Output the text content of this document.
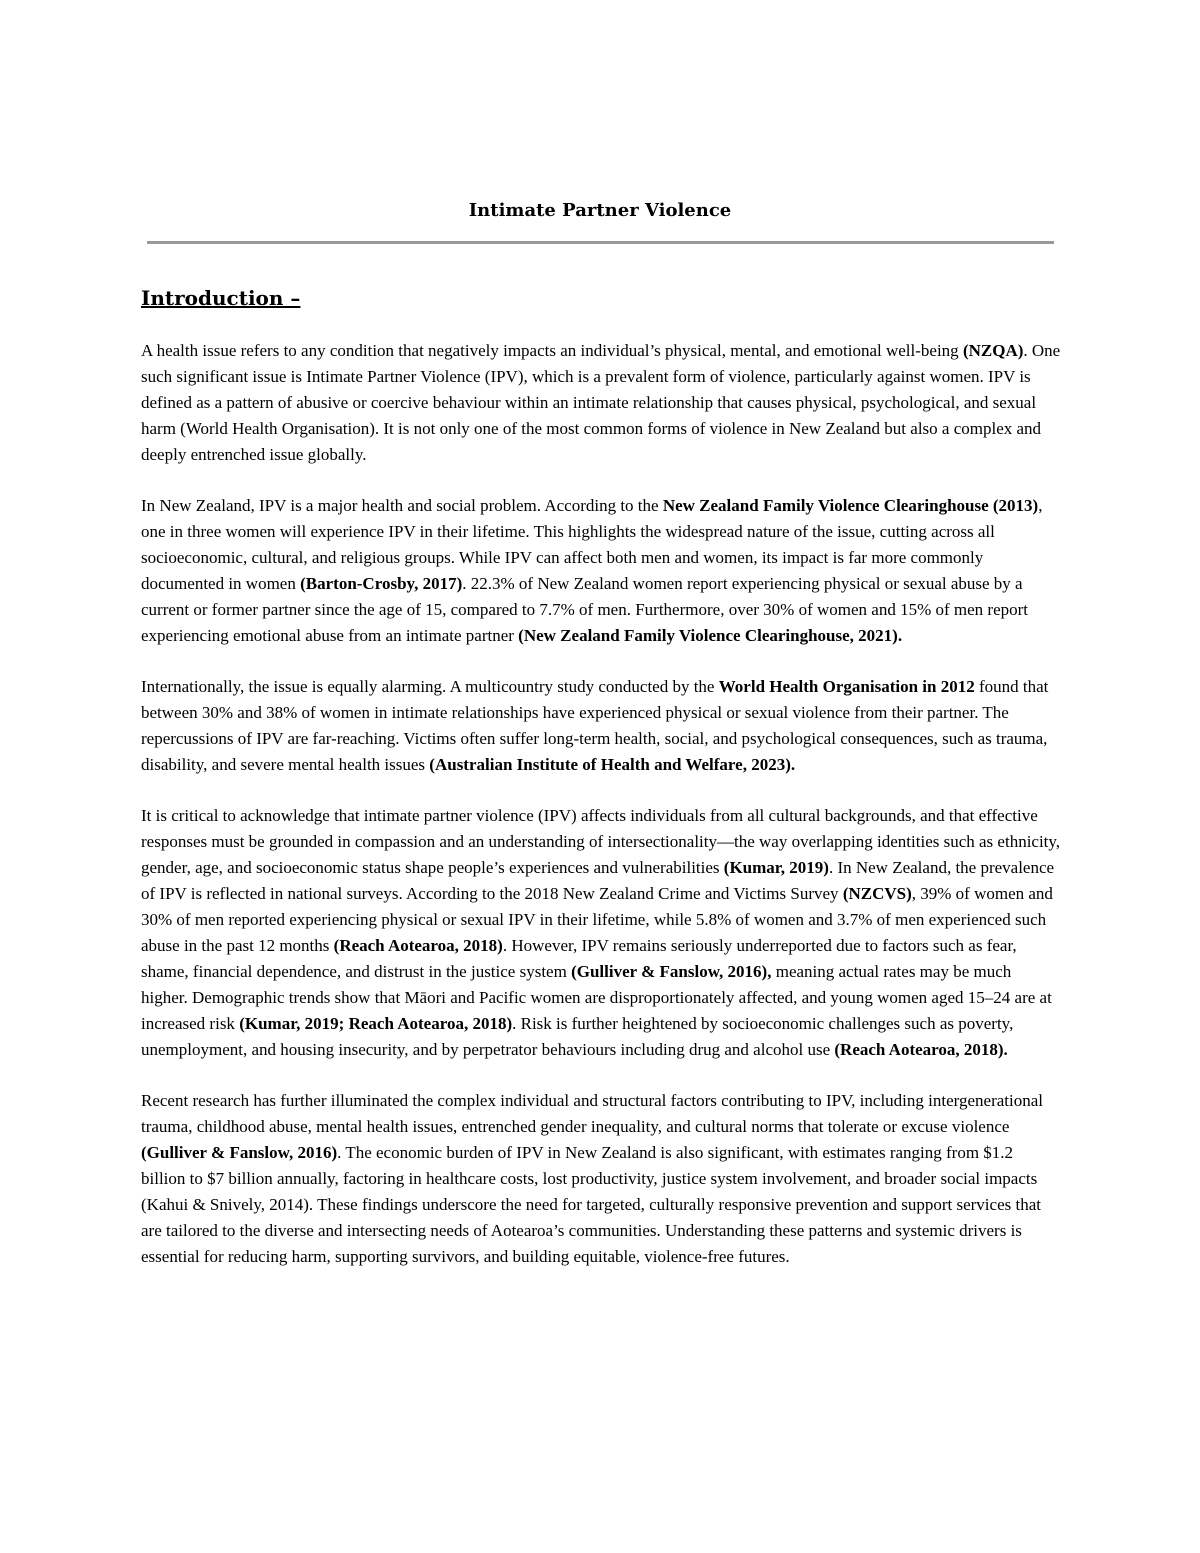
Intimate Partner Violence
Introduction –

A health issue refers to any condition that negatively impacts an individual’s physical, mental, and emotional well-being (NZQA). One such significant issue is Intimate Partner Violence (IPV), which is a prevalent form of violence, particularly against women. IPV is defined as a pattern of abusive or coercive behaviour within an intimate relationship that causes physical, psychological, and sexual harm (World Health Organisation). It is not only one of the most common forms of violence in New Zealand but also a complex and deeply entrenched issue globally.

In New Zealand, IPV is a major health and social problem. According to the New Zealand Family Violence Clearinghouse (2013), one in three women will experience IPV in their lifetime. This highlights the widespread nature of the issue, cutting across all socioeconomic, cultural, and religious groups. While IPV can affect both men and women, its impact is far more commonly documented in women (Barton-Crosby, 2017). 22.3% of New Zealand women report experiencing physical or sexual abuse by a current or former partner since the age of 15, compared to 7.7% of men. Furthermore, over 30% of women and 15% of men report experiencing emotional abuse from an intimate partner (New Zealand Family Violence Clearinghouse, 2021).

Internationally, the issue is equally alarming. A multicountry study conducted by the World Health Organisation in 2012 found that between 30% and 38% of women in intimate relationships have experienced physical or sexual violence from their partner. The repercussions of IPV are far-reaching. Victims often suffer long-term health, social, and psychological consequences, such as trauma, disability, and severe mental health issues (Australian Institute of Health and Welfare, 2023).

It is critical to acknowledge that intimate partner violence (IPV) affects individuals from all cultural backgrounds, and that effective responses must be grounded in compassion and an understanding of intersectionality—the way overlapping identities such as ethnicity, gender, age, and socioeconomic status shape people’s experiences and vulnerabilities (Kumar, 2019). In New Zealand, the prevalence of IPV is reflected in national surveys. According to the 2018 New Zealand Crime and Victims Survey (NZCVS), 39% of women and 30% of men reported experiencing physical or sexual IPV in their lifetime, while 5.8% of women and 3.7% of men experienced such abuse in the past 12 months (Reach Aotearoa, 2018). However, IPV remains seriously underreported due to factors such as fear, shame, financial dependence, and distrust in the justice system (Gulliver & Fanslow, 2016), meaning actual rates may be much higher. Demographic trends show that Māori and Pacific women are disproportionately affected, and young women aged 15–24 are at increased risk (Kumar, 2019; Reach Aotearoa, 2018). Risk is further heightened by socioeconomic challenges such as poverty, unemployment, and housing insecurity, and by perpetrator behaviours including drug and alcohol use (Reach Aotearoa, 2018).

Recent research has further illuminated the complex individual and structural factors contributing to IPV, including intergenerational trauma, childhood abuse, mental health issues, entrenched gender inequality, and cultural norms that tolerate or excuse violence (Gulliver & Fanslow, 2016). The economic burden of IPV in New Zealand is also significant, with estimates ranging from $1.2 billion to $7 billion annually, factoring in healthcare costs, lost productivity, justice system involvement, and broader social impacts (Kahui & Snively, 2014). These findings underscore the need for targeted, culturally responsive prevention and support services that are tailored to the diverse and intersecting needs of Aotearoa’s communities. Understanding these patterns and systemic drivers is essential for reducing harm, supporting survivors, and building equitable, violence-free futures.
